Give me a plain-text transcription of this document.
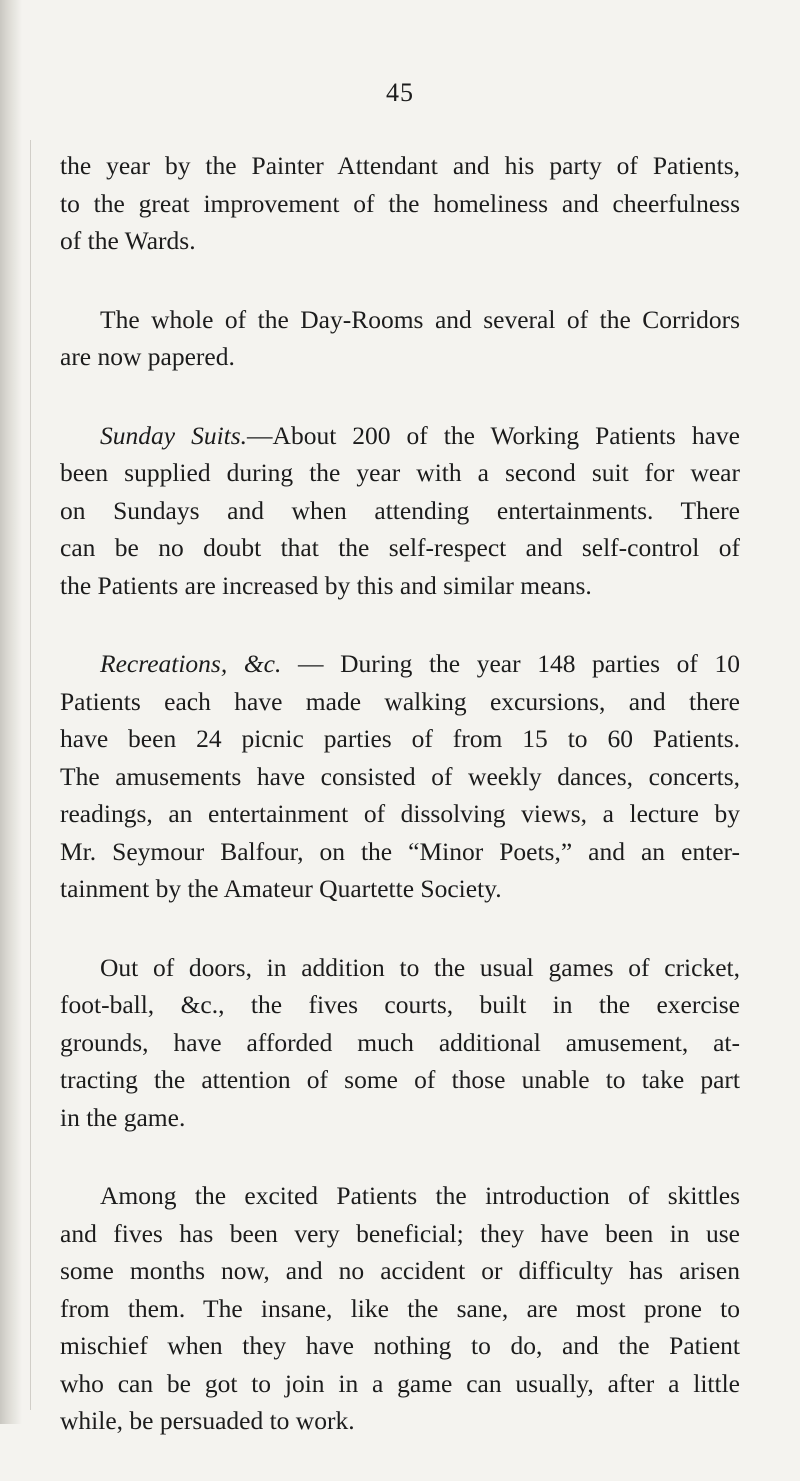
45
the year by the Painter Attendant and his party of Patients,
to the great improvement of the homeliness and cheerfulness
of the Wards.
The whole of the Day-Rooms and several of the Corridors
are now papered.
Sunday Suits.—About 200 of the Working Patients have
been supplied during the year with a second suit for wear
on Sundays and when attending entertainments. There
can be no doubt that the self-respect and self-control of
the Patients are increased by this and similar means.
Recreations, &c. — During the year 148 parties of 10
Patients each have made walking excursions, and there
have been 24 picnic parties of from 15 to 60 Patients.
The amusements have consisted of weekly dances, concerts,
readings, an entertainment of dissolving views, a lecture by
Mr. Seymour Balfour, on the “Minor Poets,” and an enter-
tainment by the Amateur Quartette Society.
Out of doors, in addition to the usual games of cricket,
foot-ball, &c., the fives courts, built in the exercise
grounds, have afforded much additional amusement, at-
tracting the attention of some of those unable to take part
in the game.
Among the excited Patients the introduction of skittles
and fives has been very beneficial; they have been in use
some months now, and no accident or difficulty has arisen
from them. The insane, like the sane, are most prone to
mischief when they have nothing to do, and the Patient
who can be got to join in a game can usually, after a little
while, be persuaded to work.
